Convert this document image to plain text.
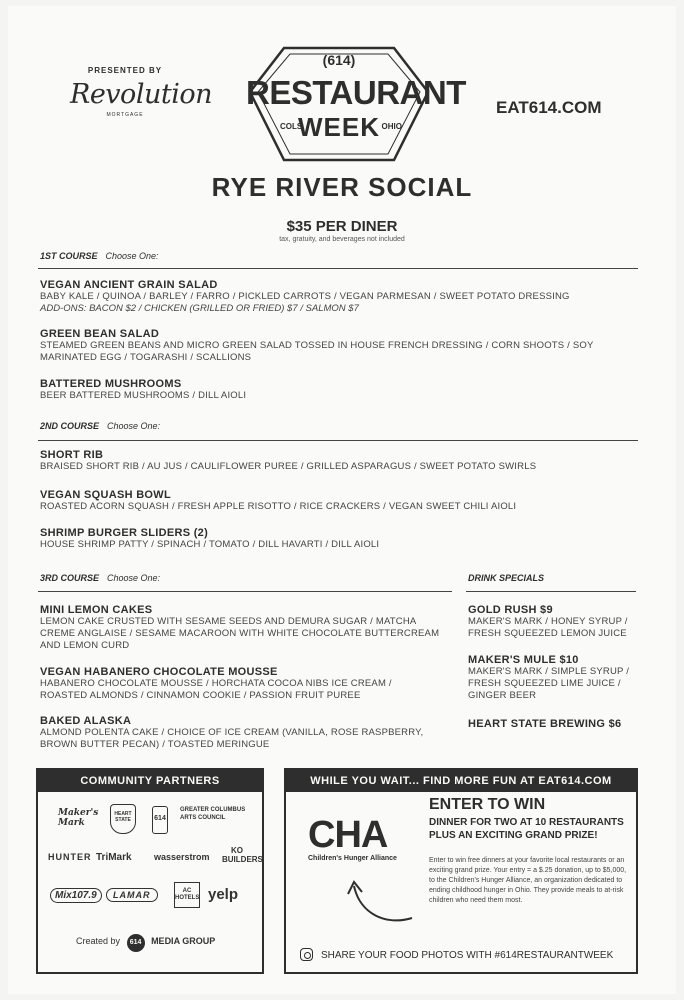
PRESENTED BY
Revolution
MORTGAGE
(614)
RESTAURANT
COLS
WEEK OHIO
EAT614.COM
RYE RIVER SOCIAL
$35 PER DINER
tax, gratuity, and beverages not included
1ST COURSE Choose One:
VEGAN ANCIENT GRAIN SALAD
BABY KALE / QUINOA / BARLEY / FARRO / PICKLED CARROTS / VEGAN PARMESAN / SWEET POTATO DRESSING
ADD-ONS: BACON $2 / CHICKEN (GRILLED OR FRIED) $7 / SALMON $7
GREEN BEAN SALAD
STEAMED GREEN BEANS AND MICRO GREEN SALAD TOSSED IN HOUSE FRENCH DRESSING / CORN SHOOTS / SOY MARINATED EGG / TOGARASHI / SCALLIONS
BATTERED MUSHROOMS
BEER BATTERED MUSHROOMS / DILL AIOLI
2ND COURSE Choose One:
SHORT RIB
BRAISED SHORT RIB / AU JUS / CAULIFLOWER PUREE / GRILLED ASPARAGUS / SWEET POTATO SWIRLS
VEGAN SQUASH BOWL
ROASTED ACORN SQUASH / FRESH APPLE RISOTTO / RICE CRACKERS / VEGAN SWEET CHILI AIOLI
SHRIMP BURGER SLIDERS (2)
HOUSE SHRIMP PATTY / SPINACH / TOMATO / DILL HAVARTI / DILL AIOLI
3RD COURSE Choose One:
MINI LEMON CAKES
LEMON CAKE CRUSTED WITH SESAME SEEDS AND DEMURA SUGAR / MATCHA CREME ANGLAISE / SESAME MACAROON WITH WHITE CHOCOLATE BUTTERCREAM AND LEMON CURD
VEGAN HABANERO CHOCOLATE MOUSSE
HABANERO CHOCOLATE MOUSSE / HORCHATA COCOA NIBS ICE CREAM / ROASTED ALMONDS / CINNAMON COOKIE / PASSION FRUIT PUREE
BAKED ALASKA
ALMOND POLENTA CAKE / CHOICE OF ICE CREAM (VANILLA, ROSE RASPBERRY, BROWN BUTTER PECAN) / TOASTED MERINGUE
DRINK SPECIALS
GOLD RUSH $9
MAKER'S MARK / HONEY SYRUP / FRESH SQUEEZED LEMON JUICE
MAKER'S MULE $10
MAKER'S MARK / SIMPLE SYRUP / FRESH SQUEEZED LIME JUICE / GINGER BEER
HEART STATE BREWING $6
COMMUNITY PARTNERS
Maker's Mark
HEART STATE	614
GREATER COLUMBUS ARTS COUNCIL
HUNTER TriMark wasserstrom
KO BUILDERS
Mix107.9	LAMAR	AC HOTELS yelp
Created by 614 MEDIA GROUP
WHILE YOU WAIT... FIND MORE FUN AT EAT614.COM
CHA
Children's Hunger Alliance
ENTER TO WIN
DINNER FOR TWO AT 10 RESTAURANTS PLUS AN EXCITING GRAND PRIZE!
Enter to win free dinners at your favorite local restaurants or an exciting grand prize. Your entry = a $.25 donation, up to $5,000, to the Children's Hunger Alliance, an organization dedicated to ending childhood hunger in Ohio. They provide meals to at-risk children who need them most.
SHARE YOUR FOOD PHOTOS WITH #614RESTAURANTWEEK
